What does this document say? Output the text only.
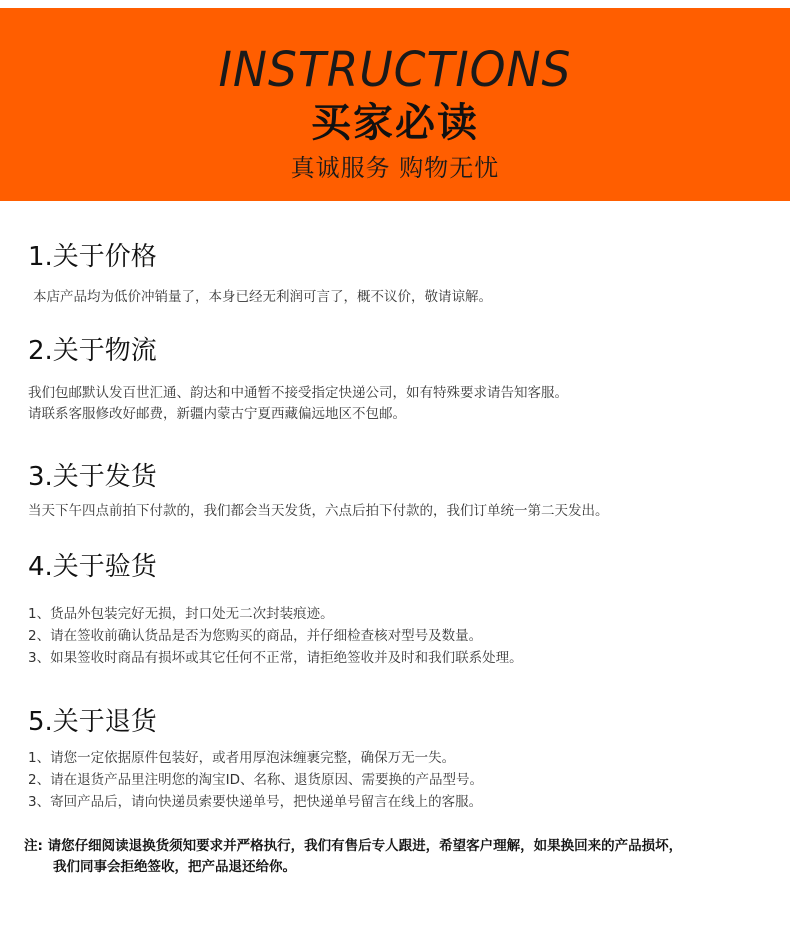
INSTRUCTIONS
买家必读
真诚服务 购物无忧
1.关于价格
本店产品均为低价冲销量了，本身已经无利润可言了，概不议价，敬请谅解。
2.关于物流
我们包邮默认发百世汇通、韵达和中通暂不接受指定快递公司，如有特殊要求请告知客服。
请联系客服修改好邮费，新疆内蒙古宁夏西藏偏远地区不包邮。
3.关于发货
当天下午四点前拍下付款的，我们都会当天发货，六点后拍下付款的，我们订单统一第二天发出。
4.关于验货
1、货品外包装完好无损，封口处无二次封装痕迹。
2、请在签收前确认货品是否为您购买的商品，并仔细检查核对型号及数量。
3、如果签收时商品有损坏或其它任何不正常，请拒绝签收并及时和我们联系处理。
5.关于退货
1、请您一定依据原件包装好，或者用厚泡沫缠裹完整，确保万无一失。
2、请在退货产品里注明您的淘宝ID、名称、退货原因、需要换的产品型号。
3、寄回产品后，请向快递员索要快递单号，把快递单号留言在线上的客服。
注: 请您仔细阅读退换货须知要求并严格执行，我们有售后专人跟进，希望客户理解，如果换回来的产品损坏，
我们同事会拒绝签收，把产品退还给你。
